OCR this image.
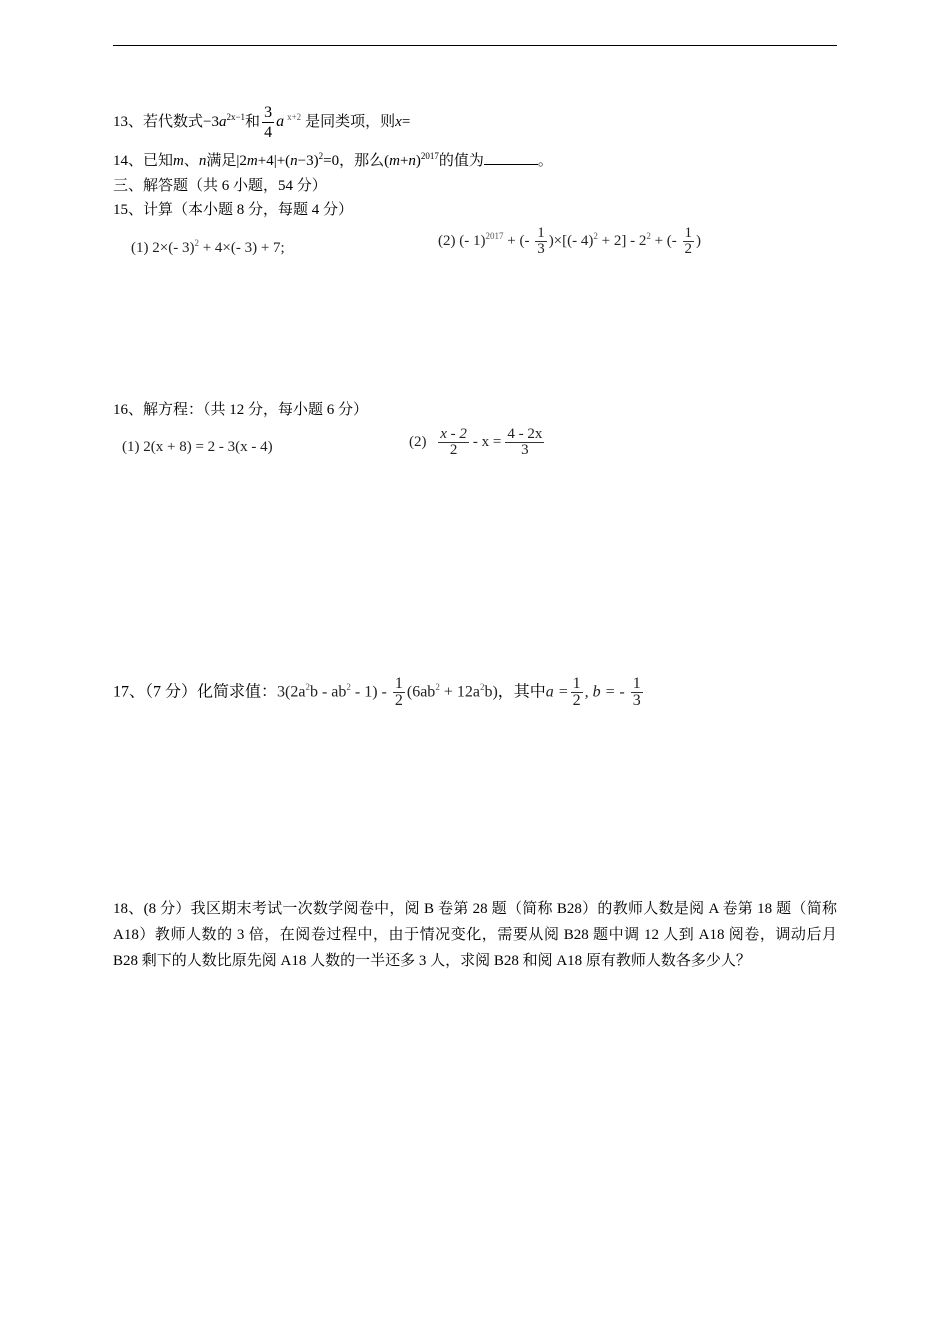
13、若代数式$-3a^{2x-1}$和 $\frac{3}{4}$ a $^{x+2}$ 是同类项，则x=
14、已知m、n满足$|2m+4|+(n-3)^2=0$，那么$(m+n)^{2017}$的值为	。
三、解答题（共 6 小题，54 分）
15、计算（本小题 8 分，每题 4 分）
(1) 2×(- 3)$^2$ + 4×(- 3) + 7;	(2) (- 1)$^{2017}$ + (- $\frac{1}{3}$ )×[(- $4)^2 + 2] - 2^2$ + (- $\frac{1}{2}$ )
16、解方程：（共 12 分，每小题 6 分）
(1) 2(x + 8) = 2 - 3(x - 4)	$(2) \frac{x - 2}{2} - x = \frac{4 - 2x}{3}$
17、（7 分）化简求值：$3(2a^2b - ab^2 - 1) - \frac{1}{2} (6ab^2 + 12a^2b)$，其中$a = \frac{1}{2}$ , b = - $\frac{1}{3}$
18、(8 分）我区期末考试一次数学阅卷中，阅 B 卷第 28 题（简称 B28）的教师人数是阅 A 卷第 18 题（简称 A18）教师人数的 3 倍，在阅卷过程中，由于情况变化，需要从阅 B28 题中调 12 人到 A18 阅卷，调动后月 B28 剩下的人数比原先阅 A18 人数的一半还多 3 人，求阅 B28 和阅 A18 原有教师人数各多少人？
